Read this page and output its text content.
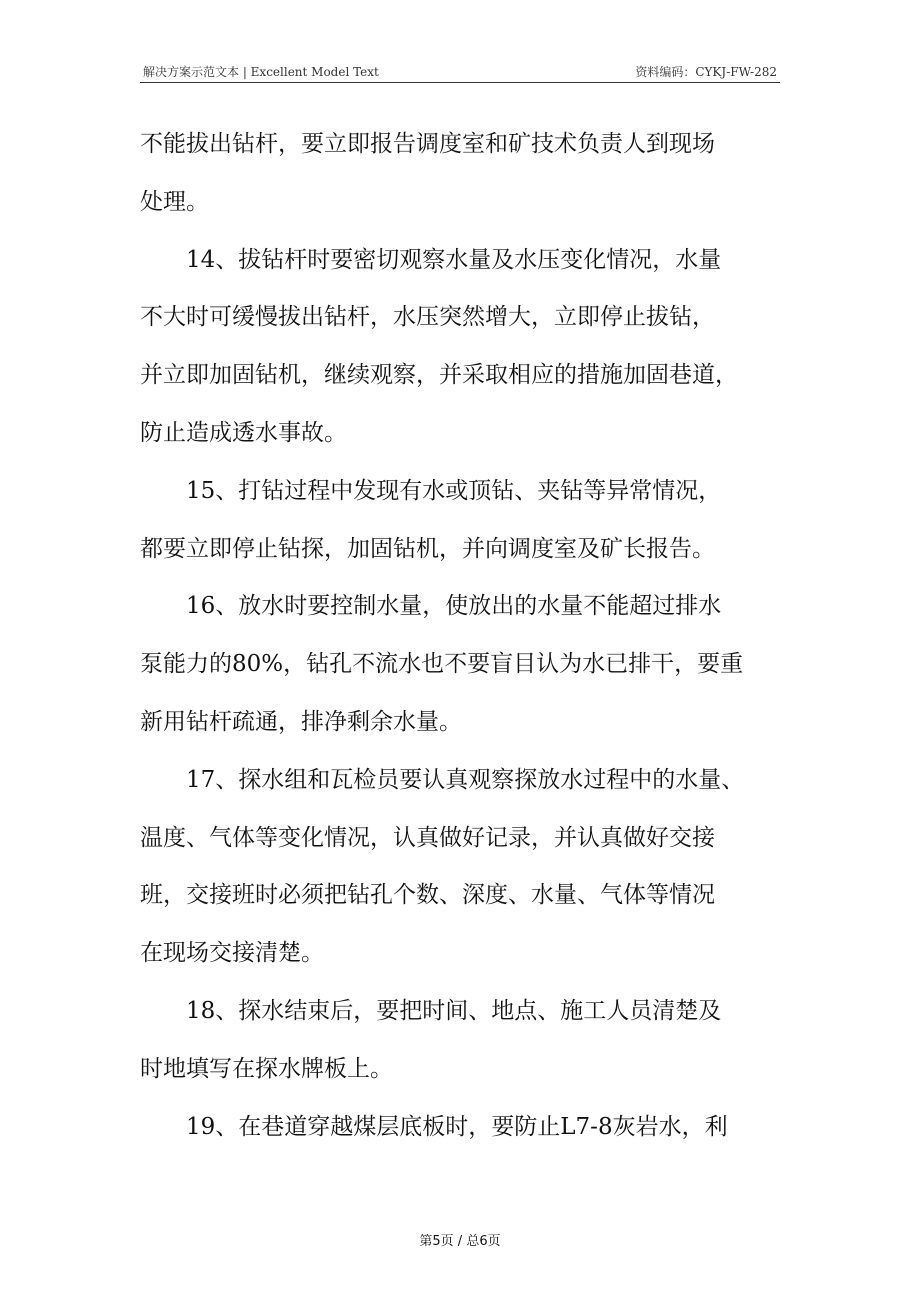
解决方案示范文本 | Excellent Model Text	资料编码：CYKJ-FW-282
不能拔出钻杆，要立即报告调度室和矿技术负责人到现场
处理。
14、拔钻杆时要密切观察水量及水压变化情况，水量
不大时可缓慢拔出钻杆，水压突然增大，立即停止拔钻，
并立即加固钻机，继续观察，并采取相应的措施加固巷道，
防止造成透水事故。
15、打钻过程中发现有水或顶钻、夹钻等异常情况，
都要立即停止钻探，加固钻机，并向调度室及矿长报告。
16、放水时要控制水量，使放出的水量不能超过排水
泵能力的80%，钻孔不流水也不要盲目认为水已排干，要重
新用钻杆疏通，排净剩余水量。
17、探水组和瓦检员要认真观察探放水过程中的水量、
温度、气体等变化情况，认真做好记录，并认真做好交接
班，交接班时必须把钻孔个数、深度、水量、气体等情况
在现场交接清楚。
18、探水结束后，要把时间、地点、施工人员清楚及
时地填写在探水牌板上。
19、在巷道穿越煤层底板时，要防止L7-8灰岩水，利
第5页 / 总6页
